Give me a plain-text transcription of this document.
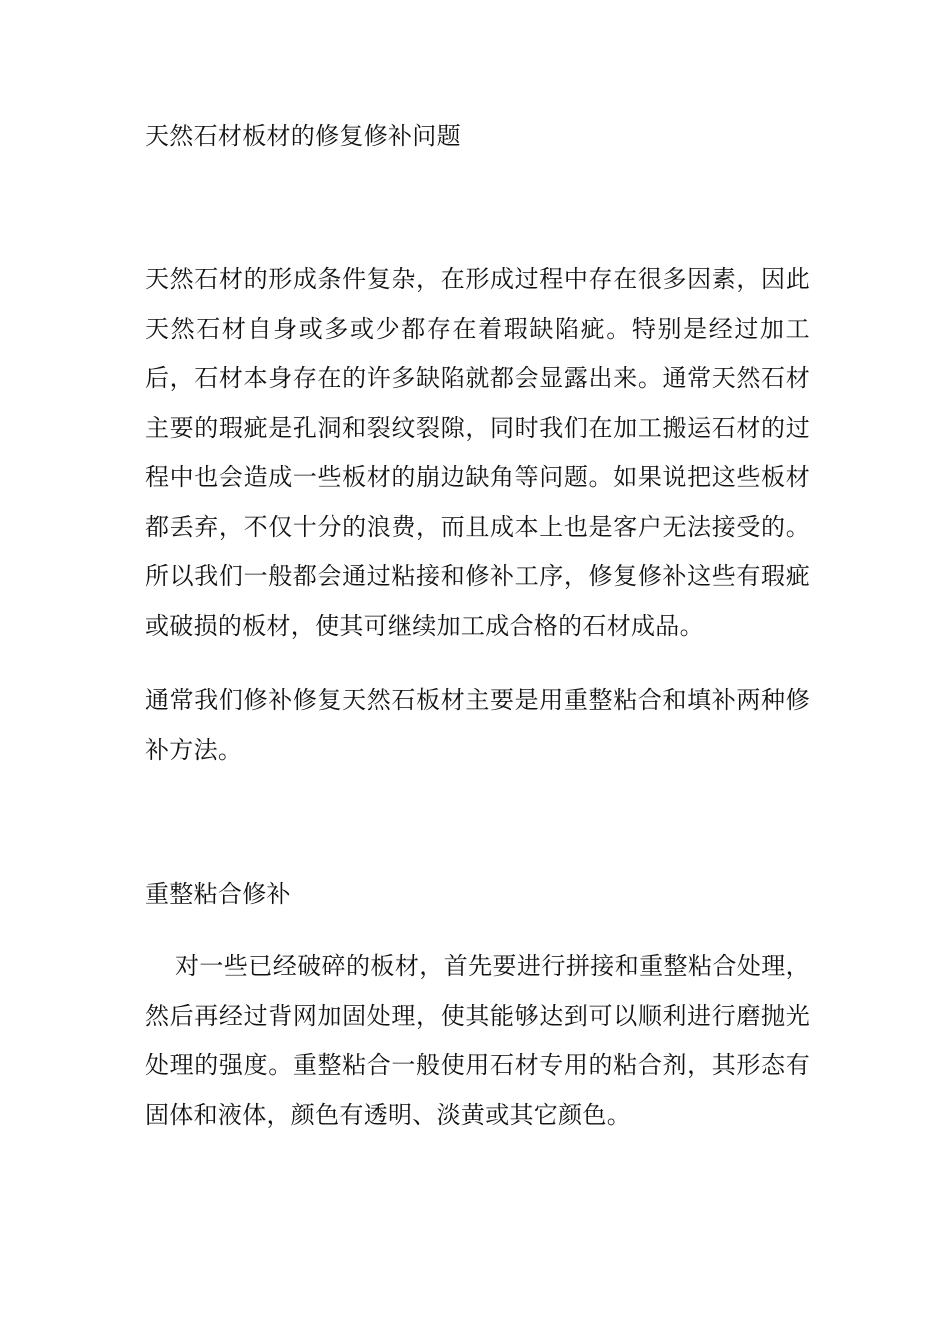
天然石材板材的修复修补问题

天然石材的形成条件复杂，在形成过程中存在很多因素，因此天然石材自身或多或少都存在着瑕缺陷疵。特别是经过加工后，石材本身存在的许多缺陷就都会显露出来。通常天然石材主要的瑕疵是孔洞和裂纹裂隙，同时我们在加工搬运石材的过程中也会造成一些板材的崩边缺角等问题。如果说把这些板材都丢弃，不仅十分的浪费，而且成本上也是客户无法接受的。所以我们一般都会通过粘接和修补工序，修复修补这些有瑕疵或破损的板材，使其可继续加工成合格的石材成品。

通常我们修补修复天然石板材主要是用重整粘合和填补两种修补方法。

重整粘合修补

对一些已经破碎的板材，首先要进行拼接和重整粘合处理，然后再经过背网加固处理，使其能够达到可以顺利进行磨抛光处理的强度。重整粘合一般使用石材专用的粘合剂，其形态有固体和液体，颜色有透明、淡黄或其它颜色。
